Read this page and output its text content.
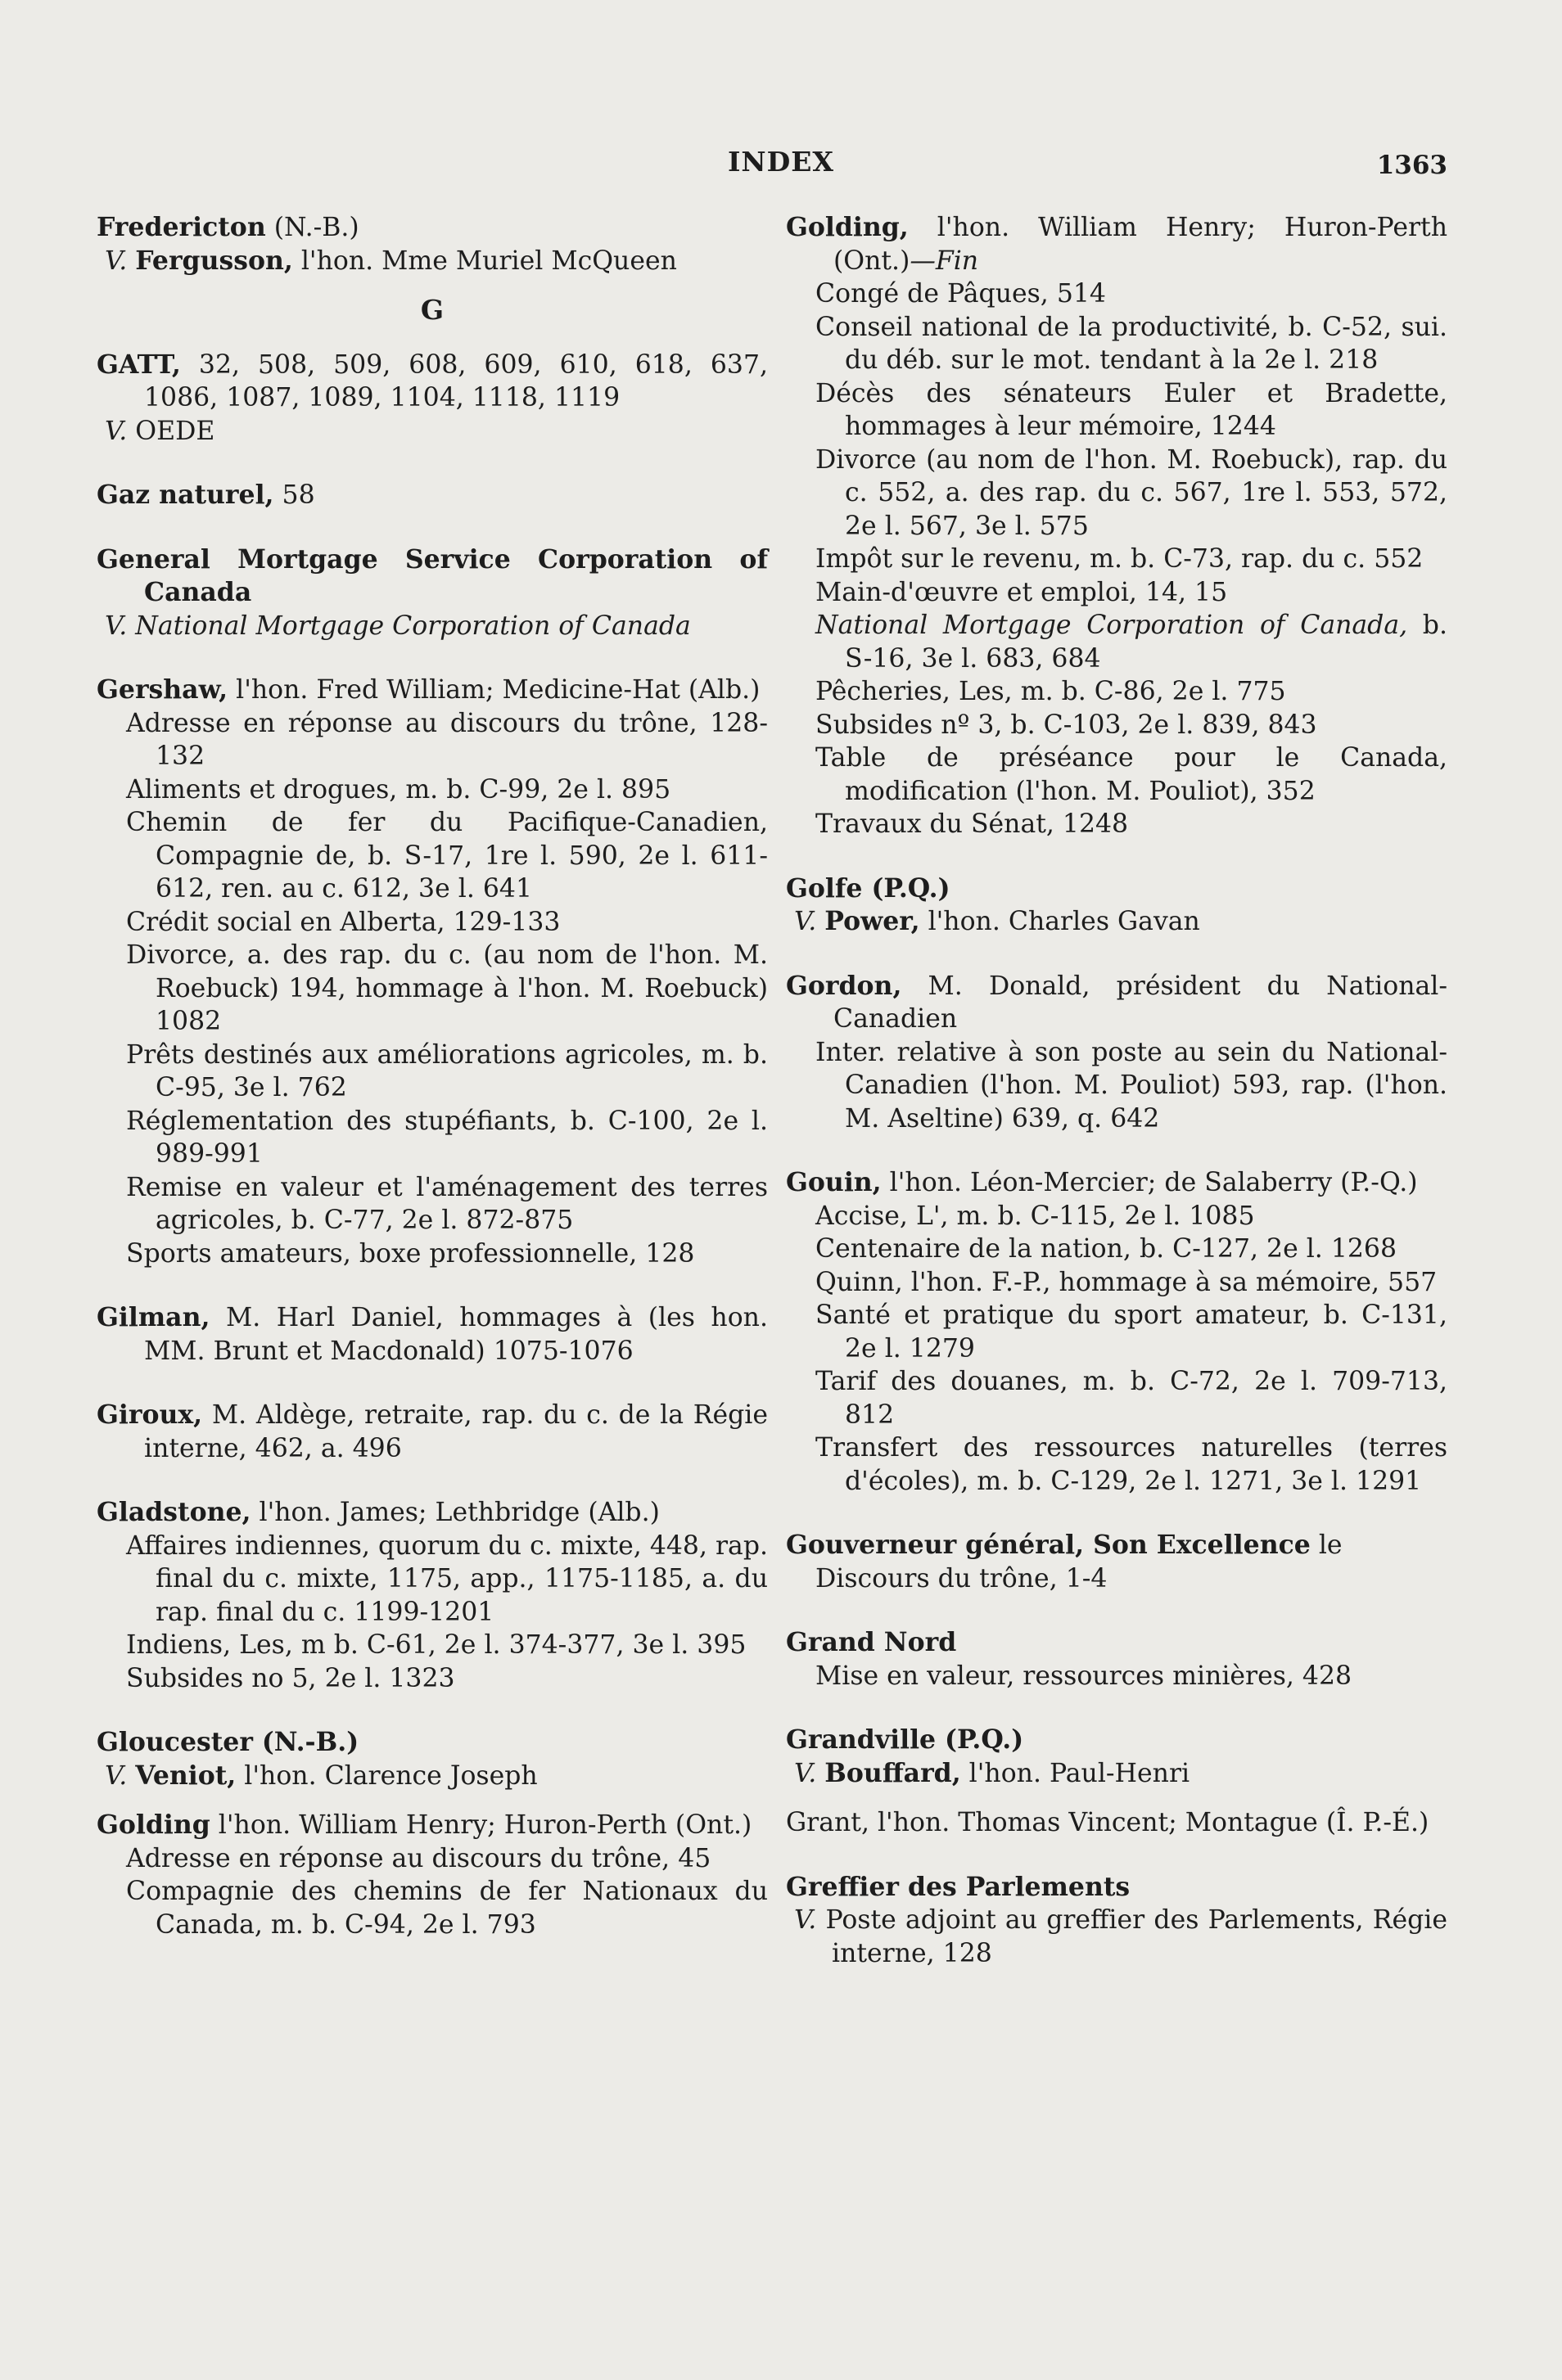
INDEX	1363
Fredericton (N.-B.)
V. Fergusson, l'hon. Mme Muriel McQueen
G
GATT, 32, 508, 509, 608, 609, 610, 618, 637, 1086, 1087, 1089, 1104, 1118, 1119
V. OEDE
Gaz naturel, 58
General Mortgage Service Corporation of Canada
V. National Mortgage Corporation of Canada
Gershaw, l'hon. Fred William; Medicine-Hat (Alb.)
Adresse en réponse au discours du trône, 128-132
Aliments et drogues, m. b. C-99, 2e l. 895
Chemin de fer du Pacifique-Canadien, Compagnie de, b. S-17, 1re l. 590, 2e l. 611-612, ren. au c. 612, 3e l. 641
Crédit social en Alberta, 129-133
Divorce, a. des rap. du c. (au nom de l'hon. M. Roebuck) 194, hommage à l'hon. M. Roebuck) 1082
Prêts destinés aux améliorations agricoles, m. b. C-95, 3e l. 762
Réglementation des stupéfiants, b. C-100, 2e l. 989-991
Remise en valeur et l'aménagement des terres agricoles, b. C-77, 2e l. 872-875
Sports amateurs, boxe professionnelle, 128
Gilman, M. Harl Daniel, hommages à (les hon. MM. Brunt et Macdonald) 1075-1076
Giroux, M. Aldège, retraite, rap. du c. de la Régie interne, 462, a. 496
Gladstone, l'hon. James; Lethbridge (Alb.)
Affaires indiennes, quorum du c. mixte, 448, rap. final du c. mixte, 1175, app., 1175-1185, a. du rap. final du c. 1199-1201
Indiens, Les, m b. C-61, 2e l. 374-377, 3e l. 395
Subsides no 5, 2e l. 1323
Gloucester (N.-B.)
V. Veniot, l'hon. Clarence Joseph
Golding l'hon. William Henry; Huron-Perth (Ont.)
Adresse en réponse au discours du trône, 45
Compagnie des chemins de fer Nationaux du Canada, m. b. C-94, 2e l. 793
Golding, l'hon. William Henry; Huron-Perth (Ont.)—Fin
Congé de Pâques, 514
Conseil national de la productivité, b. C-52, sui. du déb. sur le mot. tendant à la 2e l. 218
Décès des sénateurs Euler et Bradette, hommages à leur mémoire, 1244
Divorce (au nom de l'hon. M. Roebuck), rap. du c. 552, a. des rap. du c. 567, 1re l. 553, 572, 2e l. 567, 3e l. 575
Impôt sur le revenu, m. b. C-73, rap. du c. 552
Main-d'œuvre et emploi, 14, 15
National Mortgage Corporation of Canada, b. S-16, 3e l. 683, 684
Pêcheries, Les, m. b. C-86, 2e l. 775
Subsides nº 3, b. C-103, 2e l. 839, 843
Table de préséance pour le Canada, modification (l'hon. M. Pouliot), 352
Travaux du Sénat, 1248
Golfe (P.Q.)
V. Power, l'hon. Charles Gavan
Gordon, M. Donald, président du National-Canadien
Inter. relative à son poste au sein du National-Canadien (l'hon. M. Pouliot) 593, rap. (l'hon. M. Aseltine) 639, q. 642
Gouin, l'hon. Léon-Mercier; de Salaberry (P.-Q.)
Accise, L', m. b. C-115, 2e l. 1085
Centenaire de la nation, b. C-127, 2e l. 1268
Quinn, l'hon. F.-P., hommage à sa mémoire, 557
Santé et pratique du sport amateur, b. C-131, 2e l. 1279
Tarif des douanes, m. b. C-72, 2e l. 709-713, 812
Transfert des ressources naturelles (terres d'écoles), m. b. C-129, 2e l. 1271, 3e l. 1291
Gouverneur général, Son Excellence le
Discours du trône, 1-4
Grand Nord
Mise en valeur, ressources minières, 428
Grandville (P.Q.)
V. Bouffard, l'hon. Paul-Henri
Grant, l'hon. Thomas Vincent; Montague (Î. P.-É.)
Greffier des Parlements
V. Poste adjoint au greffier des Parlements, Régie interne, 128
